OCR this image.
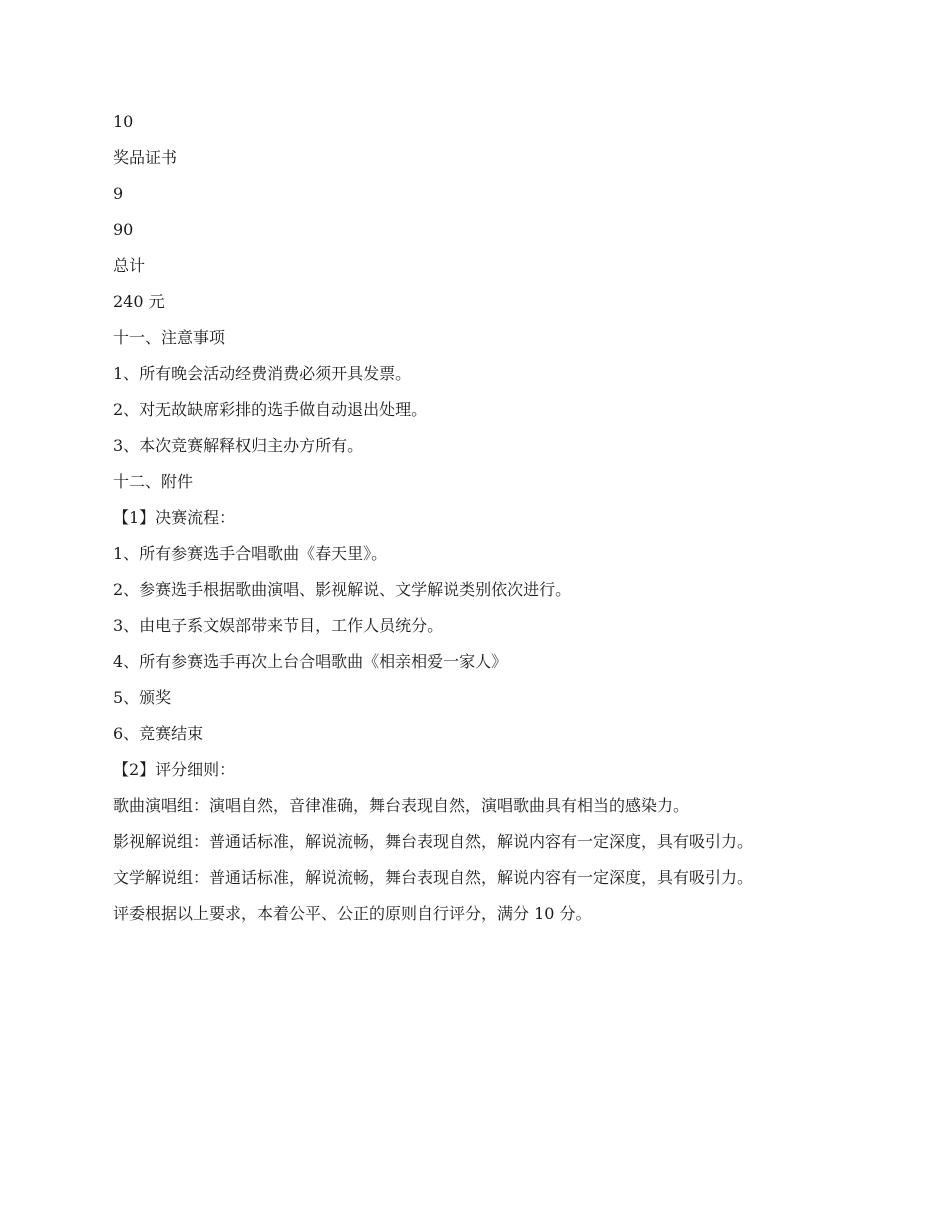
10

奖品证书

9

90

总计

240 元

十一、注意事项

1、所有晚会活动经费消费必须开具发票。

2、对无故缺席彩排的选手做自动退出处理。

3、本次竞赛解释权归主办方所有。

十二、附件

【1】决赛流程：

1、所有参赛选手合唱歌曲《春天里》。

2、参赛选手根据歌曲演唱、影视解说、文学解说类别依次进行。

3、由电子系文娱部带来节目，工作人员统分。

4、所有参赛选手再次上台合唱歌曲《相亲相爱一家人》

5、颁奖

6、竞赛结束

【2】评分细则：

歌曲演唱组：演唱自然，音律准确，舞台表现自然，演唱歌曲具有相当的感染力。

影视解说组：普通话标准，解说流畅，舞台表现自然，解说内容有一定深度，具有吸引力。

文学解说组：普通话标准，解说流畅，舞台表现自然，解说内容有一定深度，具有吸引力。

评委根据以上要求，本着公平、公正的原则自行评分，满分 10 分。
